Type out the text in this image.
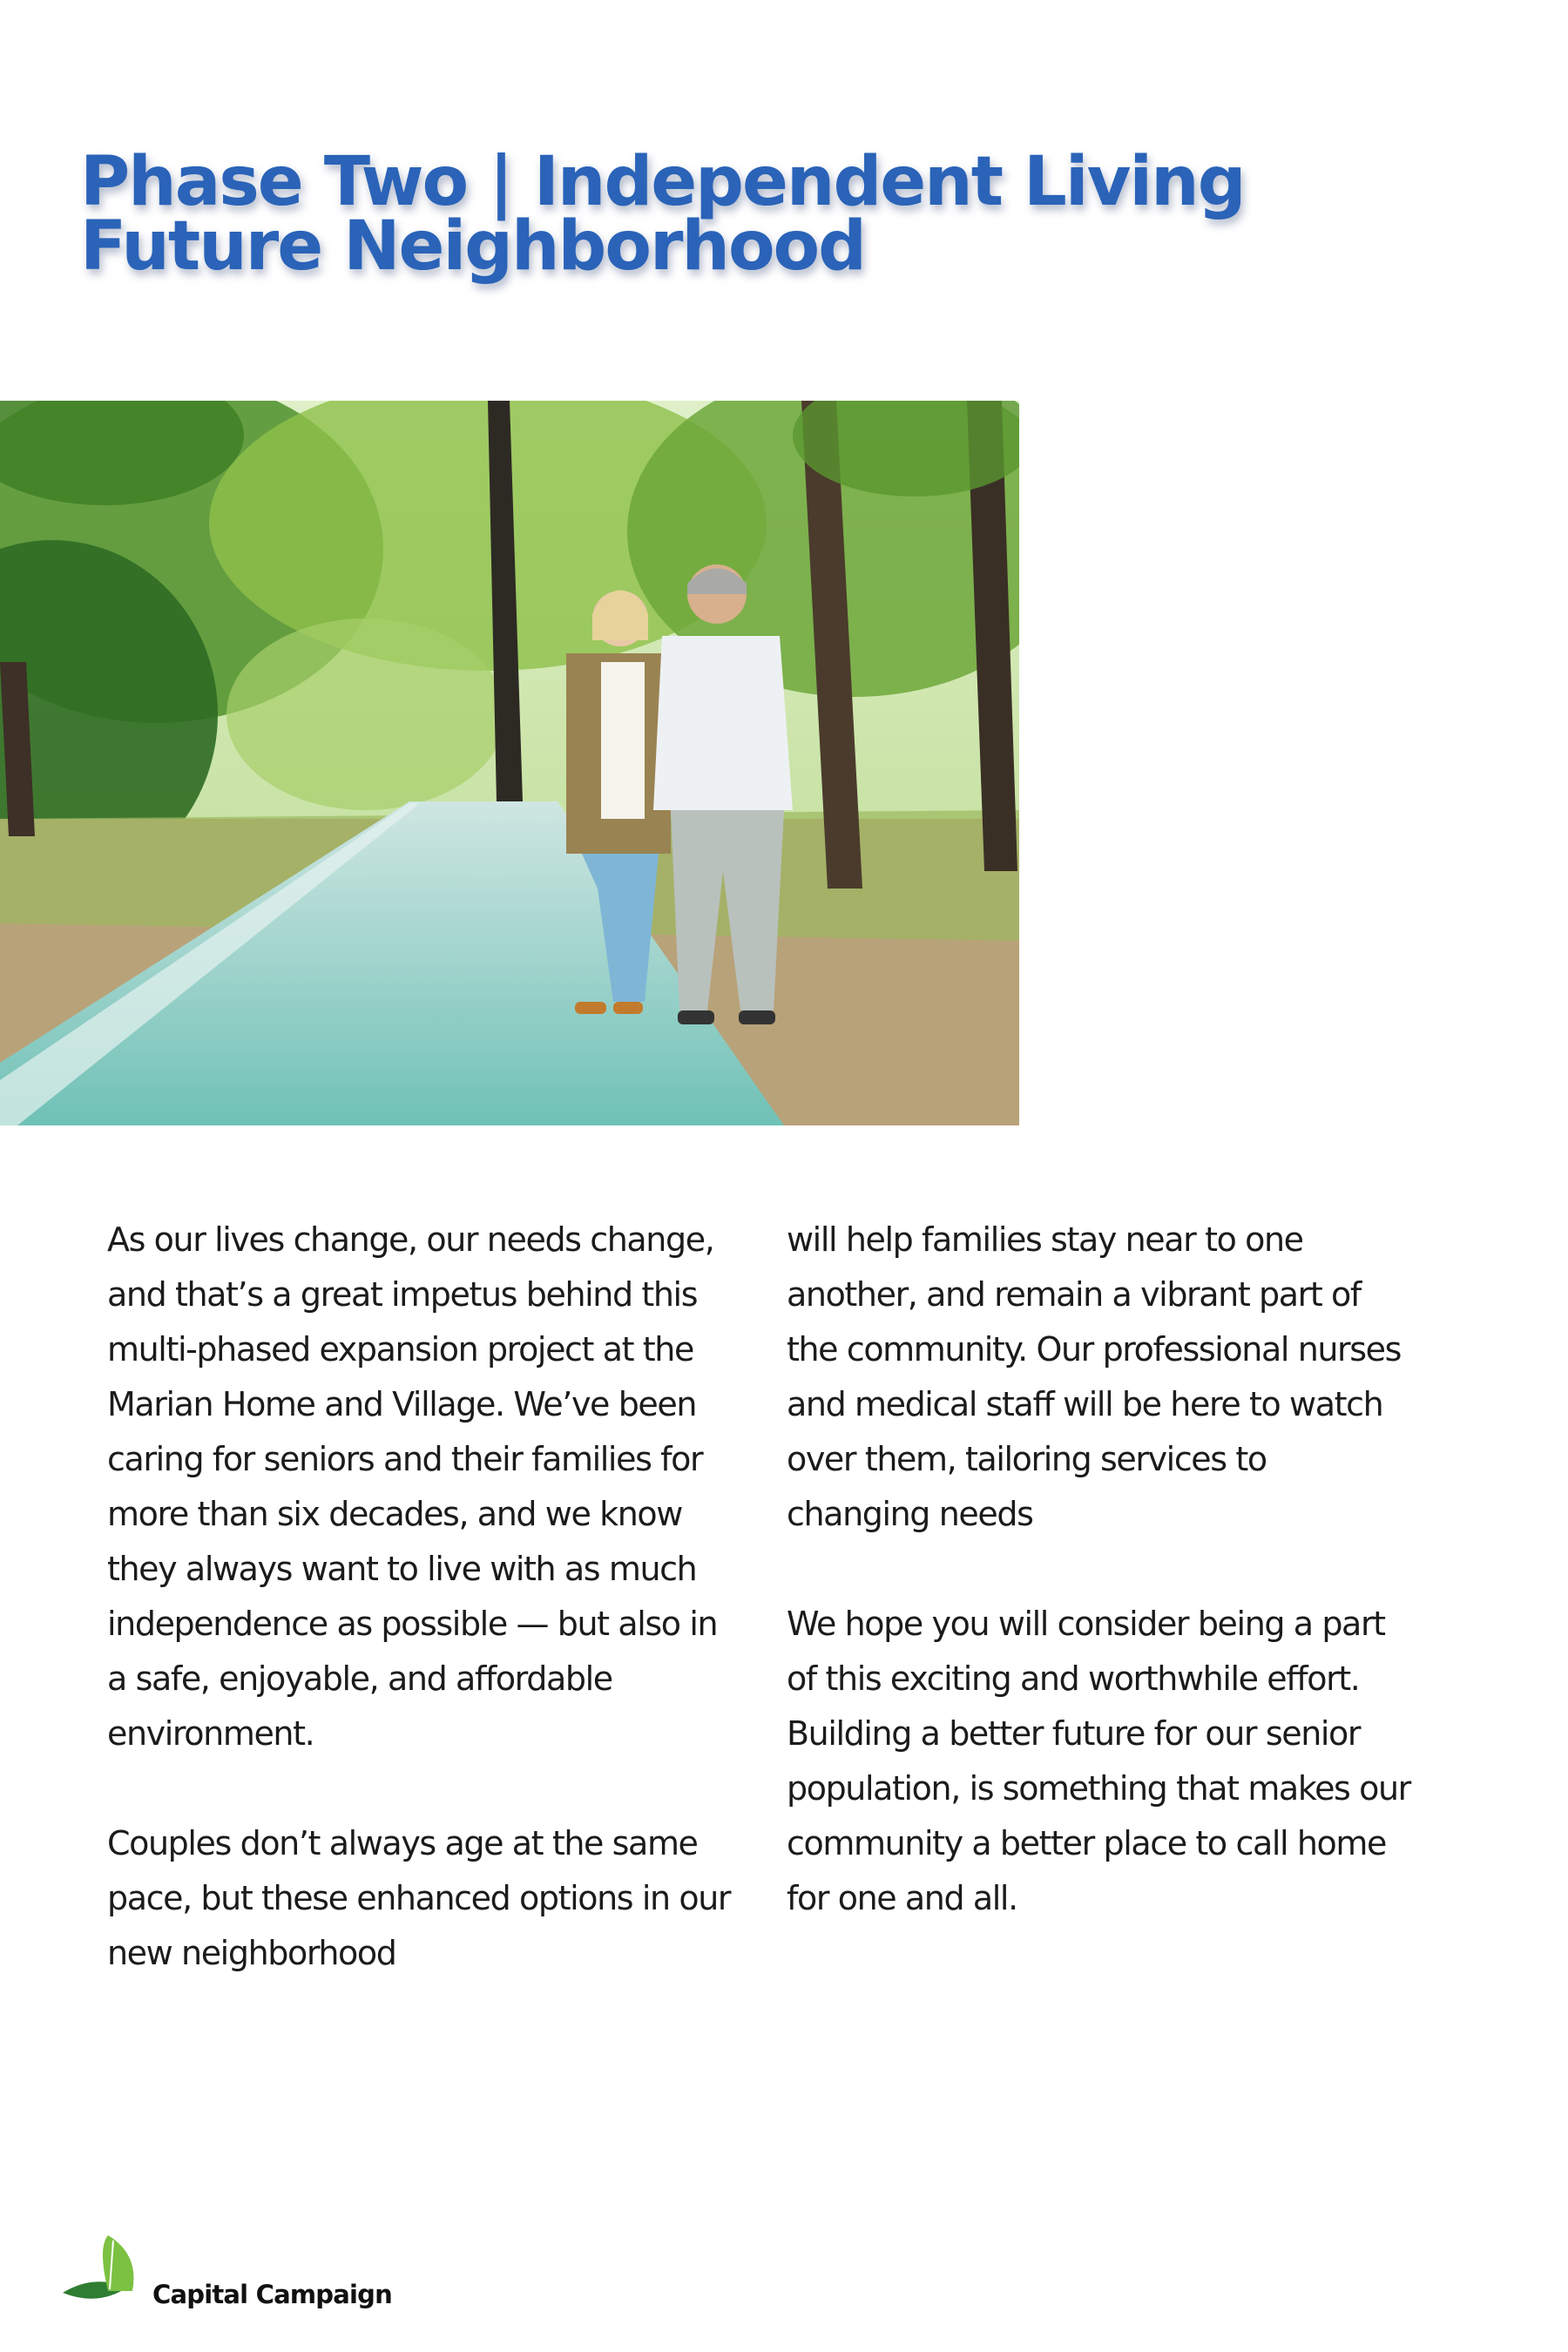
Phase Two | Independent Living
Future Neighborhood

As our lives change, our needs change, and that’s a great impetus behind this multi-phased expansion project at the Marian Home and Village. We’ve been caring for seniors and their families for more than six decades, and we know they always want to live with as much independence as possible — but also in a safe, enjoyable, and affordable environment.

Couples don’t always age at the same pace, but these enhanced options in our new neighborhood

will help families stay near to one another, and remain a vibrant part of the community. Our professional nurses and medical staff will be here to watch over them, tailoring services to changing needs

We hope you will consider being a part of this exciting and worthwhile effort. Building a better future for our senior population, is something that makes our community a better place to call home for one and all.

Capital Campaign
